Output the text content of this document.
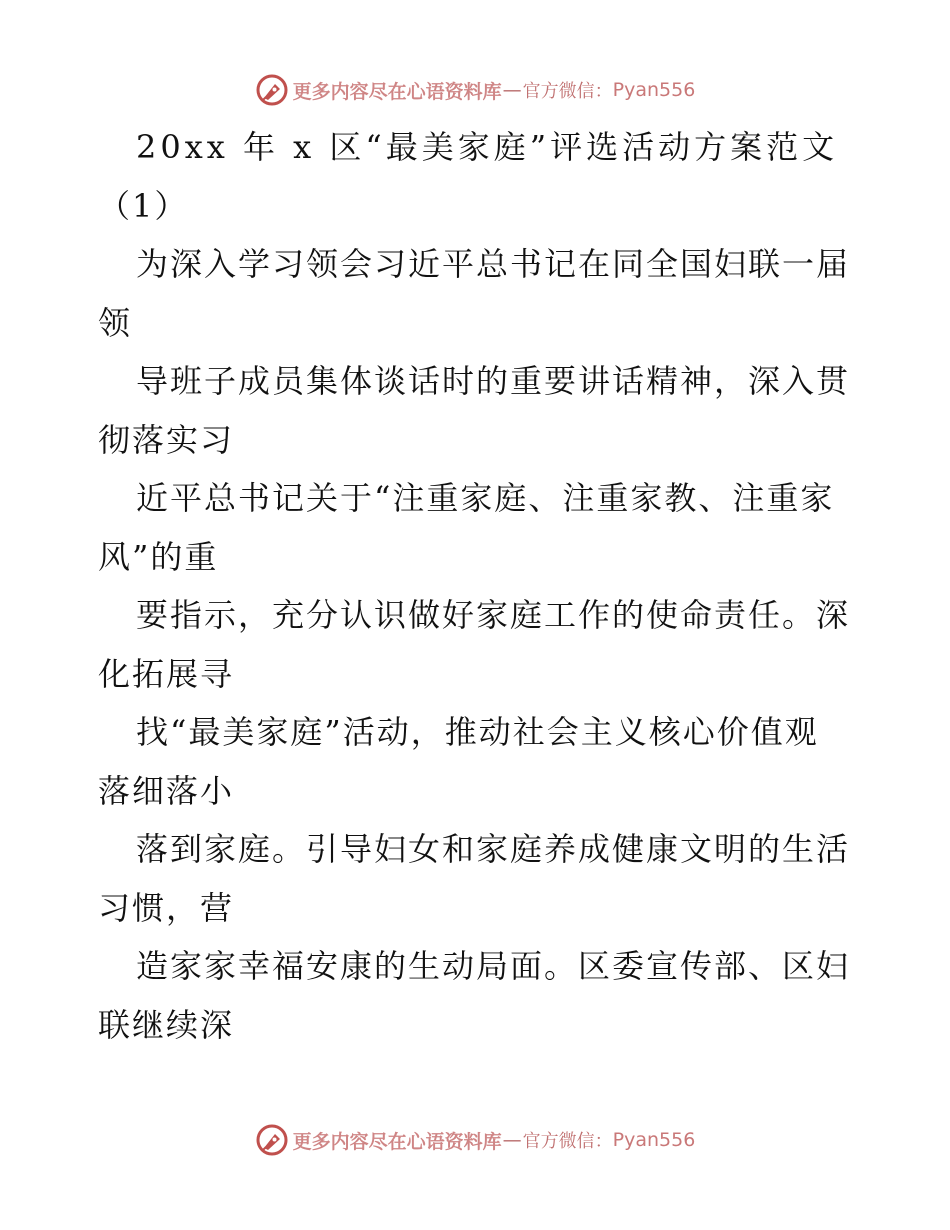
更多内容尽在心语资料库 — 官方微信： Pyan556
20xx 年 x 区“最美家庭”评选活动方案范文
（1）
为深入学习领会习近平总书记在同全国妇联一届
领
导班子成员集体谈话时的重要讲话精神，深入贯
彻落实习
近平总书记关于“注重家庭、注重家教、注重家
风”的重
要指示，充分认识做好家庭工作的使命责任。深
化拓展寻
找“最美家庭”活动，推动社会主义核心价值观
落细落小
落到家庭。引导妇女和家庭养成健康文明的生活
习惯，营
造家家幸福安康的生动局面。区委宣传部、区妇
联继续深
更多内容尽在心语资料库 — 官方微信： Pyan556
